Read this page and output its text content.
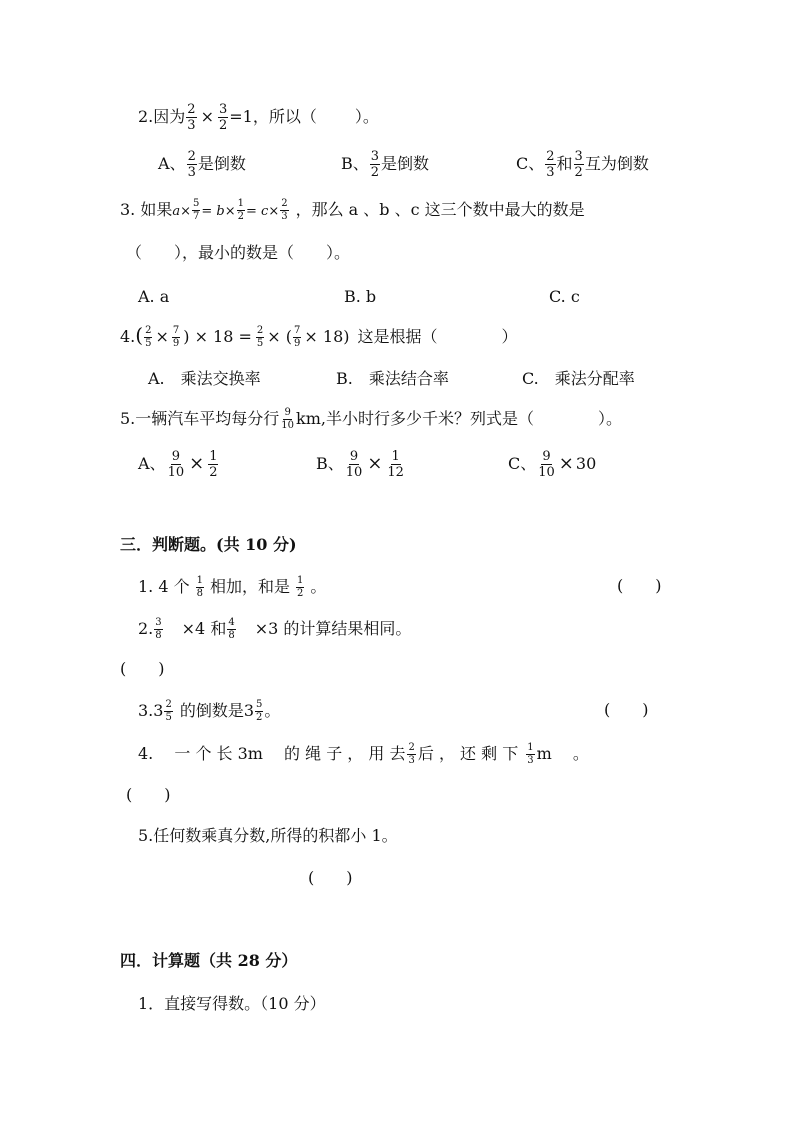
2.因为 $\frac{2}{3} \times \frac{3}{2} =1$，所以（ ）。
A、 $\frac{2}{3}$ 是倒数	B、 $\frac{3}{2}$ 是倒数	C、 $\frac{2}{3}$ 和 $\frac{3}{2}$ 互为倒数
3. 如果$a\times \frac{5}{7} = b\times \frac{1}{2} = c\times \frac{2}{3}$ ，那么 a 、b 、c 这三个数中最大的数是
（　　），最小的数是（　　）。
A. a	B. b	C. c
$4.( \frac{2}{5} \times \frac{7}{9}$ ) × $18 = \frac{2}{5}$ × ( $\frac{7}{9} \times 18$) 这是根据（　　　　）
A.　乘法交换率	B.　乘法结合率	C.　乘法分配率
5.一辆汽车平均每分行 $\frac{9}{10}$ km,半小时行多少千米？列式是（　　　　）。
A、 $\frac{9}{10} \times \frac{1}{2}$	B、 $\frac{9}{10} \times \frac{1}{12}$	C、 $\frac{9}{10} \times 30$
三．判断题。(共 10 分)
1. 4 个 $\frac{1}{8}$ 相加，和是 $\frac{1}{2}$ 。	(　　)
2. $\frac{3}{8} \times 4$ 和 $\frac{4}{8} \times 3$ 的计算结果相同。
(　　)
$3.3 \frac{2}{5}$ 的倒数是$3 \frac{5}{2}$ 。	(　　)
4.　 一 个 长 3m　 的 绳 子 ， 用 去 $\frac{2}{3}$ 后 ， 还 剩 下 $\frac{1}{3}$ m　 。
(　　)
5.任何数乘真分数,所得的积都小 1。
(　　)
四．计算题（共 28 分）
1．直接写得数。（10 分）
